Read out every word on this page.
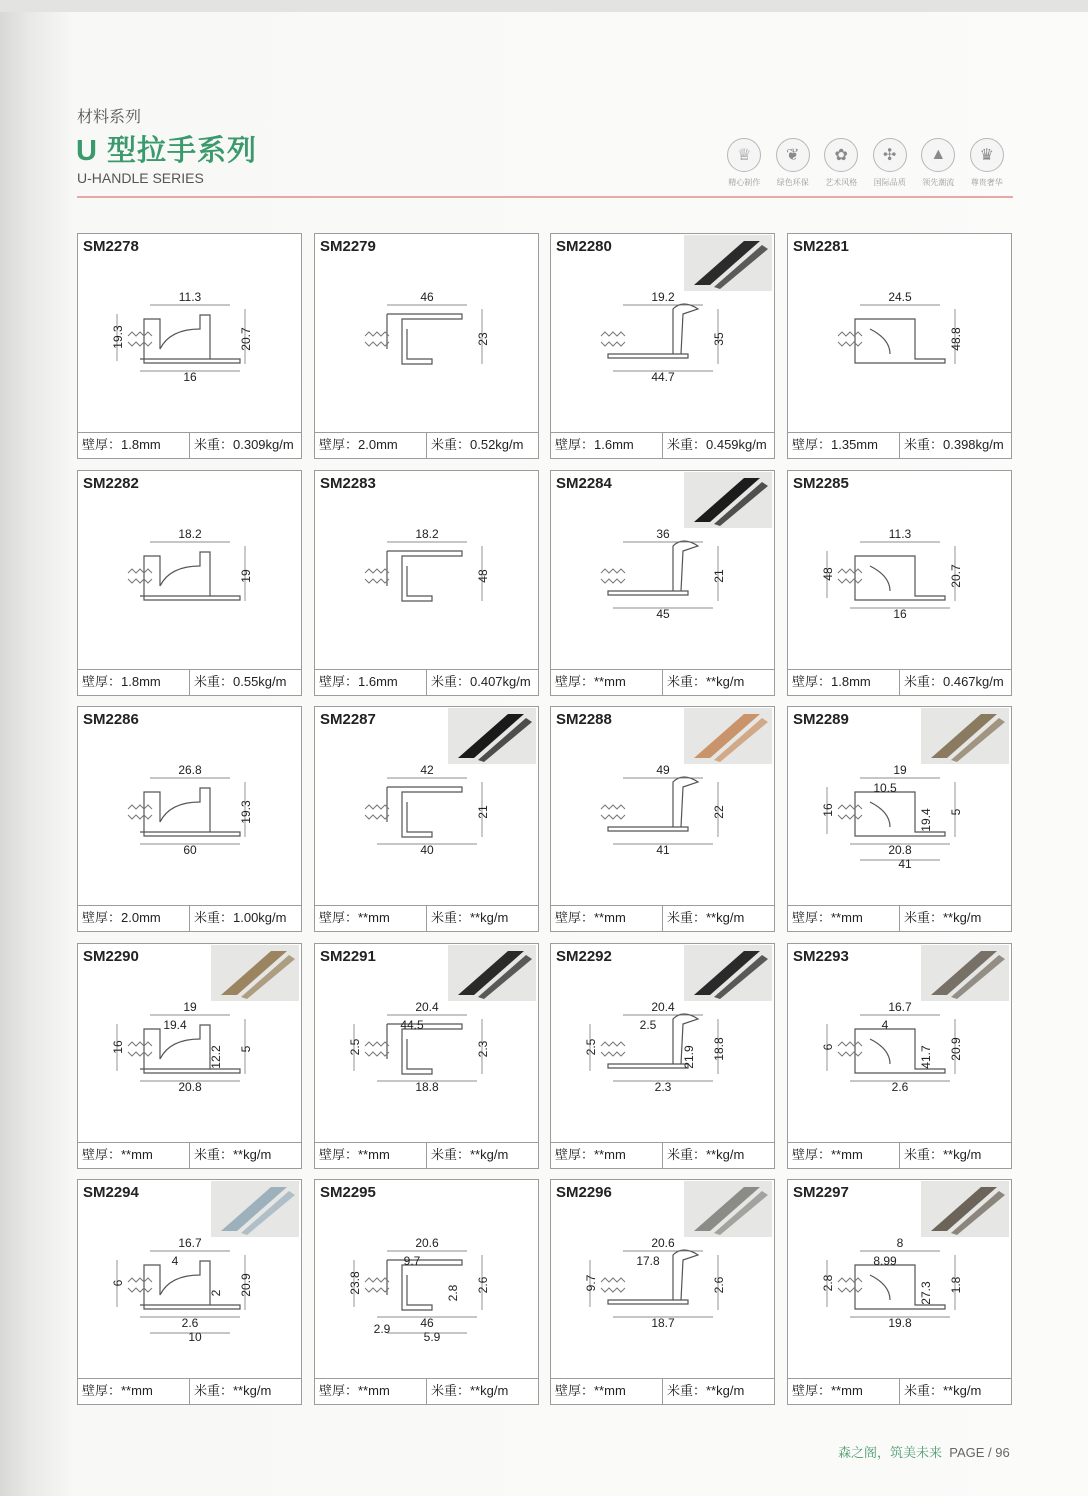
材料系列
U 型拉手系列
U-HANDLE SERIES
♕
精心制作
❦
绿色环保
✿
艺术风格
✣
国际品质
▲
领先潮流
♛
尊贵奢华
SM2278
11.3
20.7
16
19.3
壁厚：1.8mm	米重：0.309kg/m
SM2279
46
23
壁厚：2.0mm	米重：0.52kg/m
SM2280
19.2
35
44.7
壁厚：1.6mm	米重：0.459kg/m
SM2281
24.5
48.8
壁厚：1.35mm	米重：0.398kg/m
SM2282
18.2
19
壁厚：1.8mm	米重：0.55kg/m
SM2283
18.2
48
壁厚：1.6mm	米重：0.407kg/m
SM2284
36
21
45
壁厚：**mm	米重：**kg/m
SM2285
11.3
20.7
16
48
壁厚：1.8mm	米重：0.467kg/m
SM2286
26.8
19.3
60
壁厚：2.0mm	米重：1.00kg/m
SM2287
42
21
40
壁厚：**mm	米重：**kg/m
SM2288
49
22
41
壁厚：**mm	米重：**kg/m
SM2289
19
5
20.8
16
10.5
19.4
41
壁厚：**mm	米重：**kg/m
SM2290
19
5
20.8
16
19.4
12.2
壁厚：**mm	米重：**kg/m
SM2291
20.4
2.3
18.8
2.5
44.5
壁厚：**mm	米重：**kg/m
SM2292
20.4
18.8
2.3
2.5
2.5
21.9
壁厚：**mm	米重：**kg/m
SM2293
16.7
20.9
2.6
6
4
41.7
壁厚：**mm	米重：**kg/m
SM2294
16.7
20.9
2.6
6
4
2
10
壁厚：**mm	米重：**kg/m
SM2295
20.6
2.6
46
23.8
9.7
2.8
5.9
2.9
壁厚：**mm	米重：**kg/m
SM2296
20.6
2.6
18.7
9.7
17.8
壁厚：**mm	米重：**kg/m
SM2297
8
1.8
19.8
2.8
8.99
27.3
壁厚：**mm	米重：**kg/m
森之阁，筑美未来 PAGE / 96
